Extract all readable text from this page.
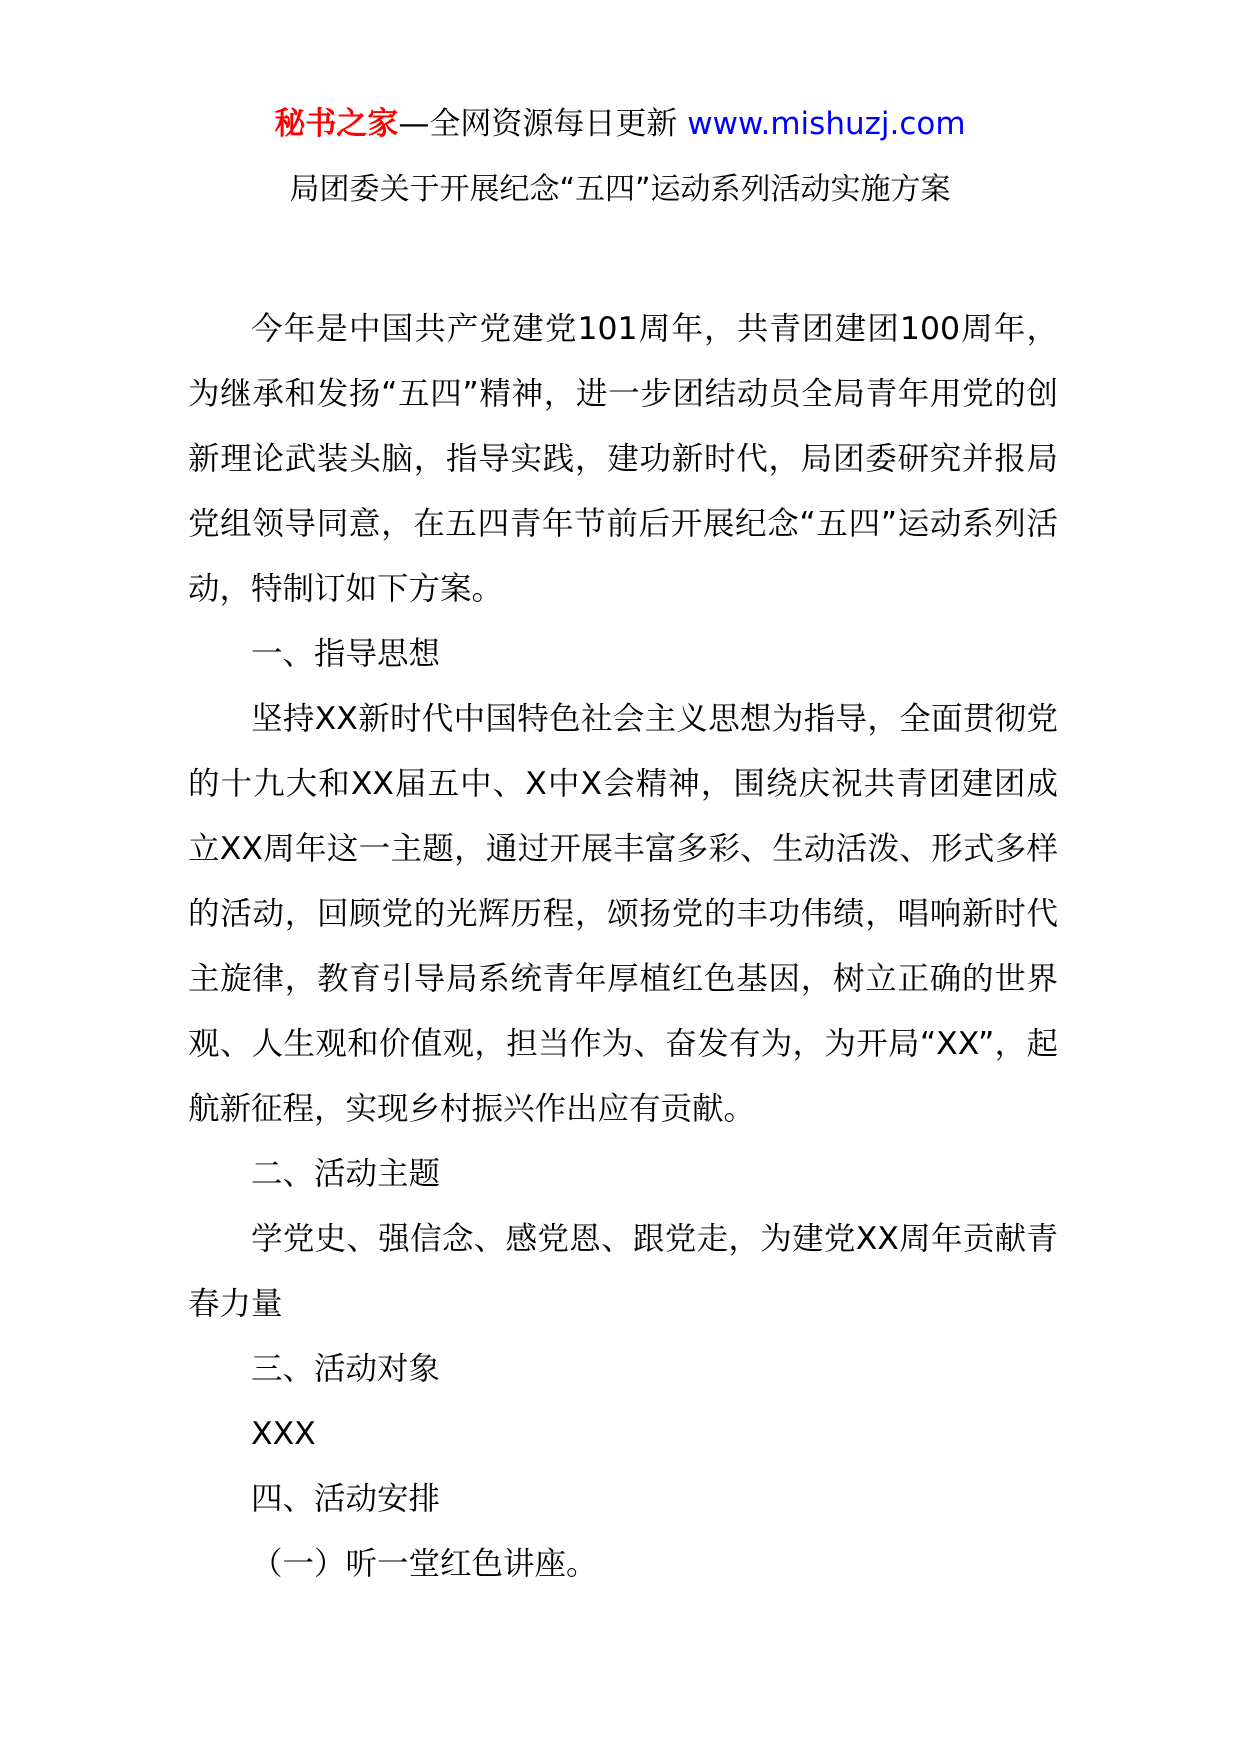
秘书之家—全网资源每日更新 www.mishuzj.com
局团委关于开展纪念“五四”运动系列活动实施方案

今年是中国共产党建党101周年，共青团建团100周年，为继承和发扬“五四”精神，进一步团结动员全局青年用党的创新理论武装头脑，指导实践，建功新时代，局团委研究并报局党组领导同意，在五四青年节前后开展纪念“五四”运动系列活动，特制订如下方案。

一、指导思想

坚持XX新时代中国特色社会主义思想为指导，全面贯彻党的十九大和XX届五中、X中X会精神，围绕庆祝共青团建团成立XX周年这一主题，通过开展丰富多彩、生动活泼、形式多样的活动，回顾党的光辉历程，颂扬党的丰功伟绩，唱响新时代主旋律，教育引导局系统青年厚植红色基因，树立正确的世界观、人生观和价值观，担当作为、奋发有为，为开局“XX”，起航新征程，实现乡村振兴作出应有贡献。

二、活动主题

学党史、强信念、感党恩、跟党走，为建党XX周年贡献青春力量

三、活动对象

XXX

四、活动安排

（一）听一堂红色讲座。
